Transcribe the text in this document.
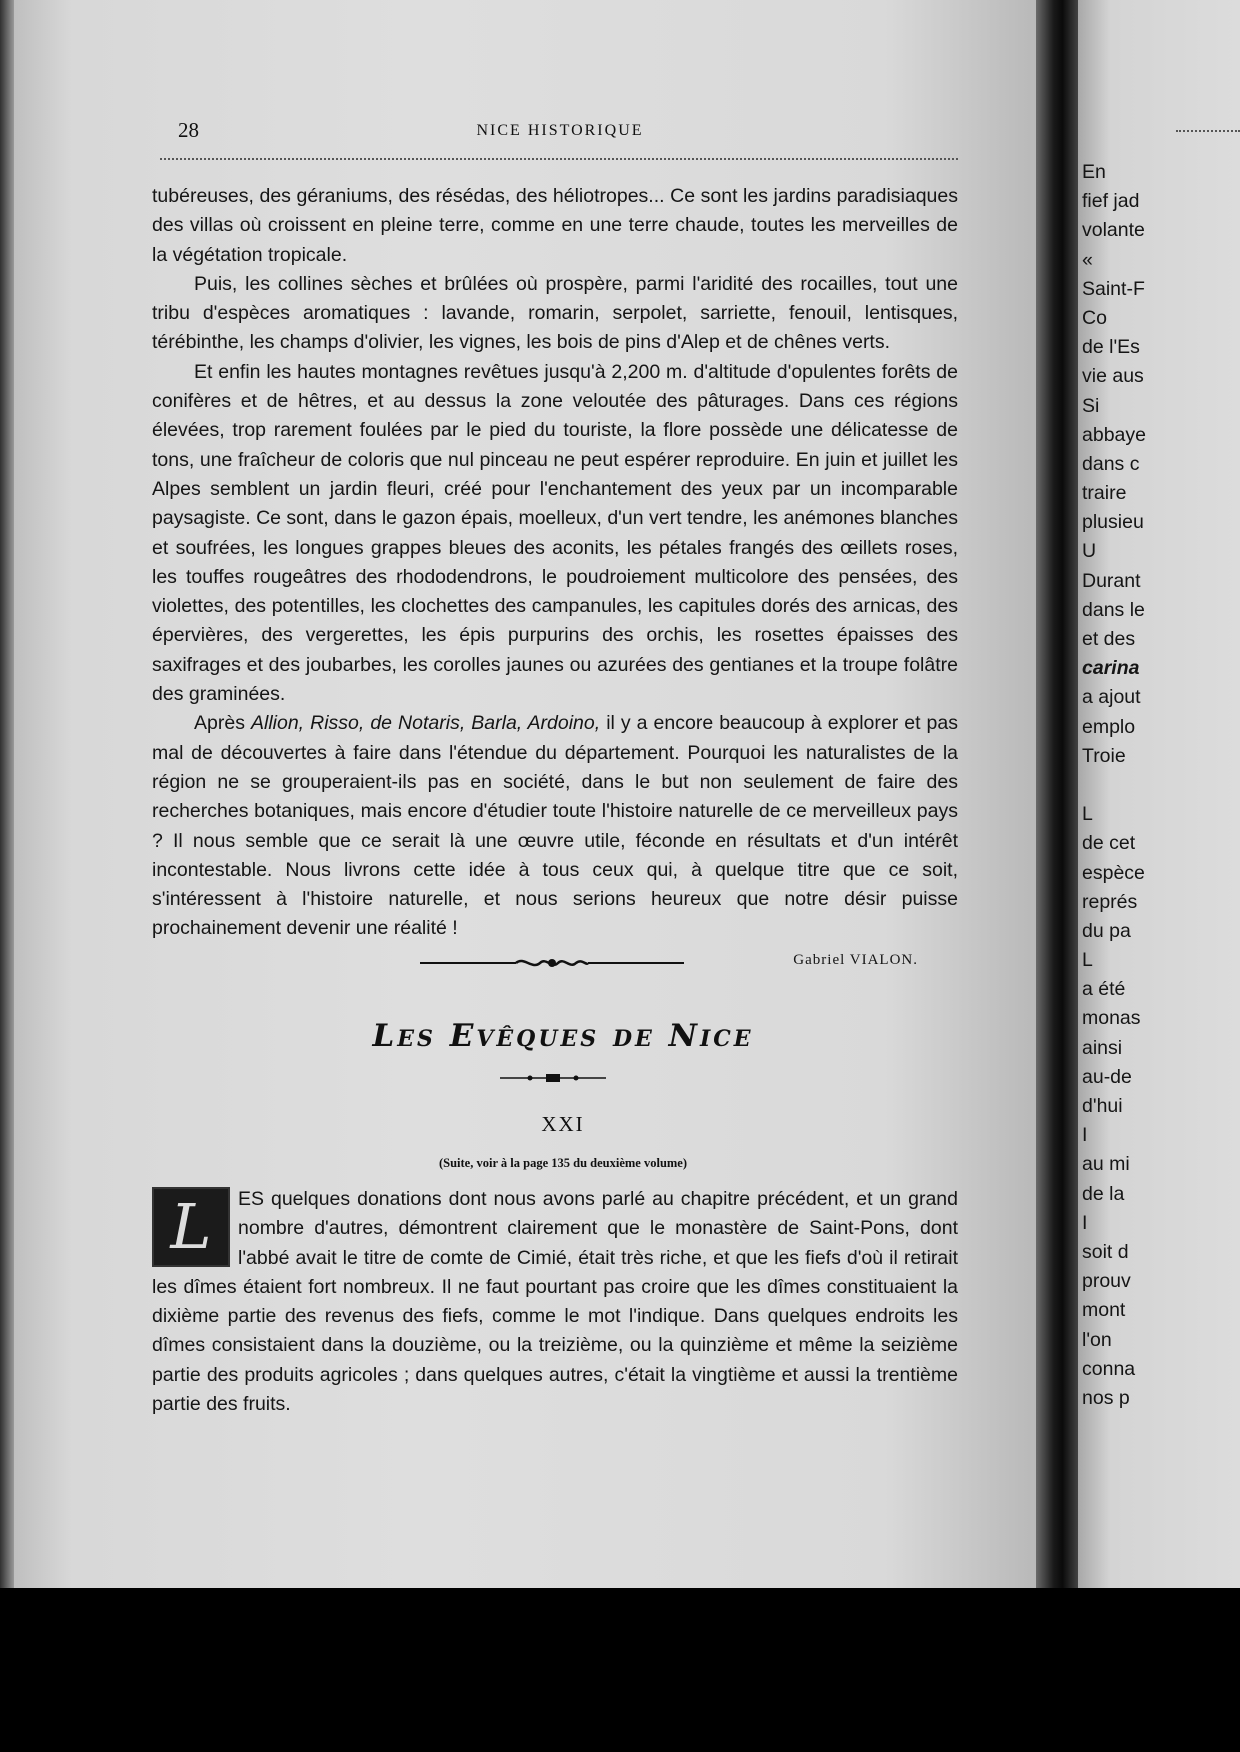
28	NICE HISTORIQUE

tubéreuses, des géraniums, des résédas, des héliotropes... Ce sont les jardins paradisiaques des villas où croissent en pleine terre, comme en une terre chaude, toutes les merveilles de la végétation tropicale.

Puis, les collines sèches et brûlées où prospère, parmi l'aridité des rocailles, tout une tribu d'espèces aromatiques : lavande, romarin, serpolet, sarriette, fenouil, lentisques, térébinthe, les champs d'olivier, les vignes, les bois de pins d'Alep et de chênes verts.

Et enfin les hautes montagnes revêtues jusqu'à 2,200 m. d'altitude d'opulentes forêts de conifères et de hêtres, et au dessus la zone veloutée des pâturages. Dans ces régions élevées, trop rarement foulées par le pied du touriste, la flore possède une délicatesse de tons, une fraîcheur de coloris que nul pinceau ne peut espérer reproduire. En juin et juillet les Alpes semblent un jardin fleuri, créé pour l'enchantement des yeux par un incomparable paysagiste. Ce sont, dans le gazon épais, moelleux, d'un vert tendre, les anémones blanches et soufrées, les longues grappes bleues des aconits, les pétales frangés des œillets roses, les touffes rougeâtres des rhododendrons, le poudroiement multicolore des pensées, des violettes, des potentilles, les clochettes des campanules, les capitules dorés des arnicas, des épervières, des vergerettes, les épis purpurins des orchis, les rosettes épaisses des saxifrages et des joubarbes, les corolles jaunes ou azurées des gentianes et la troupe folâtre des graminées.

Après Allion, Risso, de Notaris, Barla, Ardoino, il y a encore beaucoup à explorer et pas mal de découvertes à faire dans l'étendue du département. Pourquoi les naturalistes de la région ne se grouperaient-ils pas en société, dans le but non seulement de faire des recherches botaniques, mais encore d'étudier toute l'histoire naturelle de ce merveilleux pays ? Il nous semble que ce serait là une œuvre utile, féconde en résultats et d'un intérêt incontestable. Nous livrons cette idée à tous ceux qui, à quelque titre que ce soit, s'intéressent à l'histoire naturelle, et nous serions heureux que notre désir puisse prochainement devenir une réalité !

Gabriel VIALON.
Les Evêques de Nice
XXI
(Suite, voir à la page 135 du deuxième volume)
L	ES quelques donations dont nous avons parlé au chapitre précédent, et un grand nombre d'autres, démontrent clairement que le monastère de Saint-Pons, dont l'abbé avait le titre de comte de Cimié, était très riche, et que les fiefs d'où il retirait les dîmes étaient fort nombreux. Il ne faut pourtant pas croire que les dîmes constituaient la dixième partie des revenus des fiefs, comme le mot l'indique. Dans quelques endroits les dîmes consistaient dans la douzième, ou la treizième, ou la quinzième et même la seizième partie des produits agricoles ; dans quelques autres, c'était la vingtième et aussi la trentième partie des fruits.
En
fief jad
volante
«
Saint-F
Co
de l'Es
vie aus
Si
abbaye
dans c
traire
plusieu
U
Durant
dans le
et des
carina
a ajout
emplo
Troie
L
de cet
espèce
représ
du pa
L
a été
monas
ainsi
au-de
d'hui
I
au mi
de la
I
soit d
prouv
mont
l'on
conna
nos p
